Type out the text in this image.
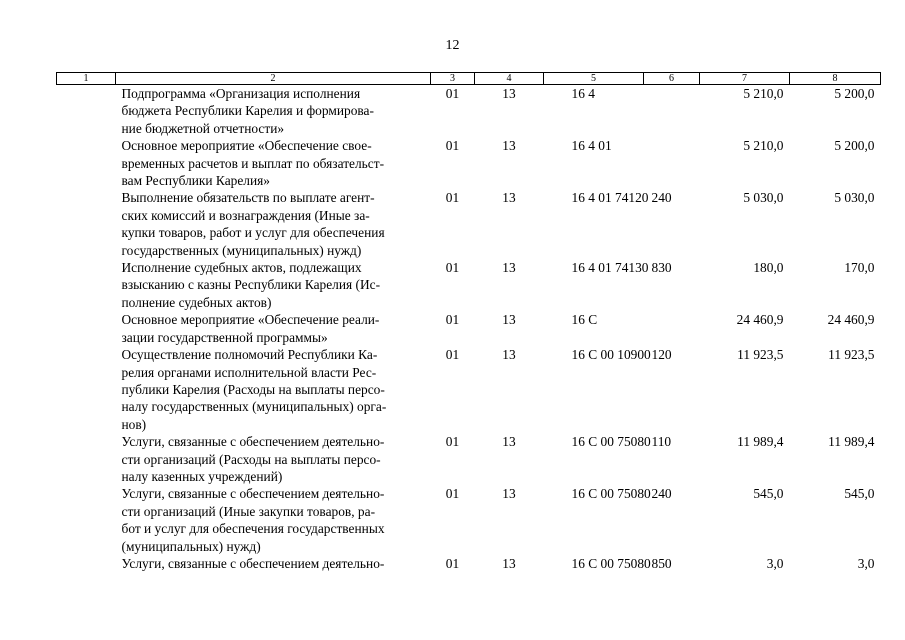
12
1	2	3	4	5	6	7	8

	Подпрограмма «Организация исполнения
бюджета Республики Карелия и формирова-
ние бюджетной отчетности»	01	13	16 4		5 210,0	5 200,0

	Основное мероприятие «Обеспечение свое-
временных расчетов и выплат по обязательст-
вам Республики Карелия»	01	13	16 4 01		5 210,0	5 200,0

	Выполнение обязательств по выплате агент-
ских комиссий и вознаграждения (Иные за-
купки товаров, работ и услуг для обеспечения
государственных (муниципальных) нужд)	01	13	16 4 01 74120	240	5 030,0	5 030,0

	Исполнение судебных актов, подлежащих
взысканию с казны Республики Карелия (Ис-
полнение судебных актов)	01	13	16 4 01 74130	830	180,0	170,0

	Основное мероприятие «Обеспечение реали-
зации государственной программы»	01	13	16 С		24 460,9	24 460,9

	Осуществление полномочий Республики Ка-
релия органами исполнительной власти Рес-
публики Карелия (Расходы на выплаты персо-
налу государственных (муниципальных) орга-
нов)	01	13	16 С 00 10900	120	11 923,5	11 923,5

	Услуги, связанные с обеспечением деятельно-
сти организаций (Расходы на выплаты персо-
налу казенных учреждений)	01	13	16 С 00 75080	110	11 989,4	11 989,4

	Услуги, связанные с обеспечением деятельно-
сти организаций (Иные закупки товаров, ра-
бот и услуг для обеспечения государственных
(муниципальных) нужд)	01	13	16 С 00 75080	240	545,0	545,0

	Услуги, связанные с обеспечением деятельно-	01	13	16 С 00 75080	850	3,0	3,0
